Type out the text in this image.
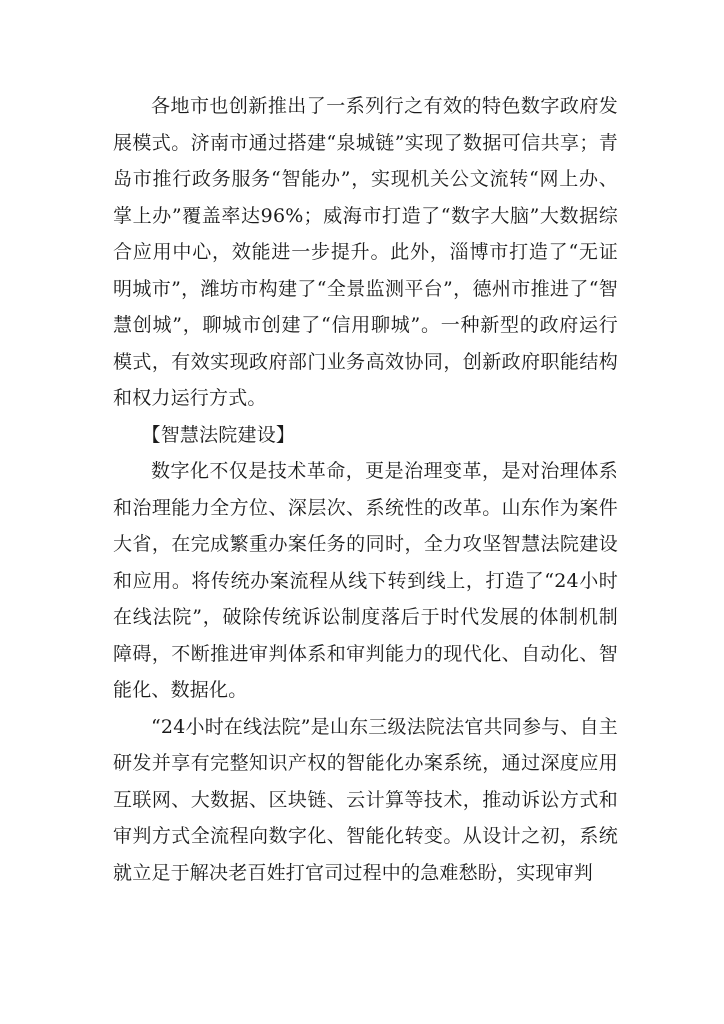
各地市也创新推出了一系列行之有效的特色数字政府发展模式。济南市通过搭建“泉城链”实现了数据可信共享；青岛市推行政务服务“智能办”，实现机关公文流转“网上办、掌上办”覆盖率达96%；威海市打造了“数字大脑”大数据综合应用中心，效能进一步提升。此外，淄博市打造了“无证明城市”，潍坊市构建了“全景监测平台”，德州市推进了“智慧创城”，聊城市创建了“信用聊城”。一种新型的政府运行模式，有效实现政府部门业务高效协同，创新政府职能结构和权力运行方式。

【智慧法院建设】

数字化不仅是技术革命，更是治理变革，是对治理体系和治理能力全方位、深层次、系统性的改革。山东作为案件大省，在完成繁重办案任务的同时，全力攻坚智慧法院建设和应用。将传统办案流程从线下转到线上，打造了“24小时在线法院”，破除传统诉讼制度落后于时代发展的体制机制障碍，不断推进审判体系和审判能力的现代化、自动化、智能化、数据化。

“24小时在线法院”是山东三级法院法官共同参与、自主研发并享有完整知识产权的智能化办案系统，通过深度应用互联网、大数据、区块链、云计算等技术，推动诉讼方式和审判方式全流程向数字化、智能化转变。从设计之初，系统就立足于解决老百姓打官司过程中的急难愁盼，实现审判
